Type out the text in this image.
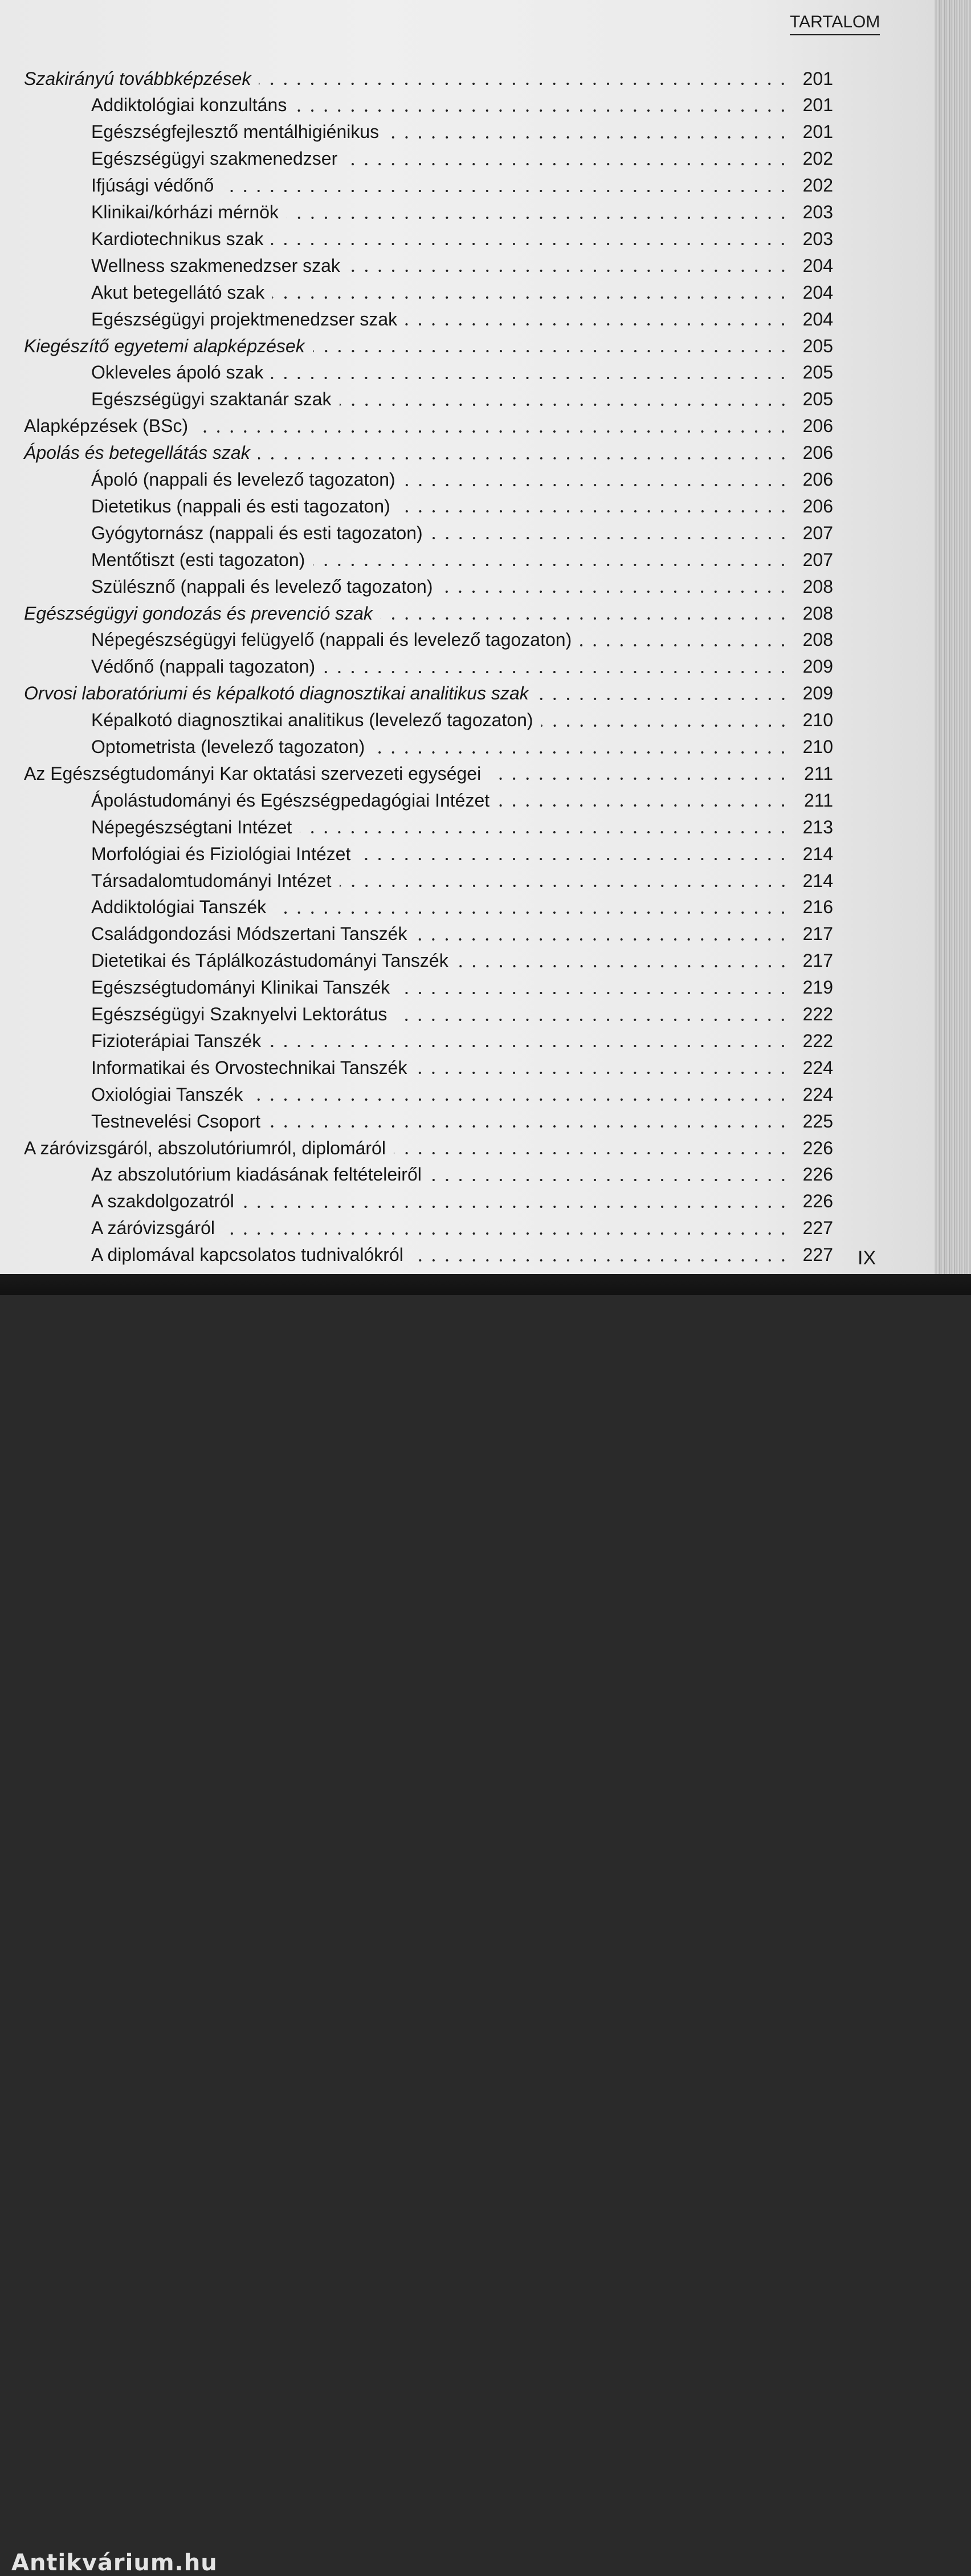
TARTALOM
Szakirányú továbbképzések	201
Addiktológiai konzultáns	201
Egészségfejlesztő mentálhigiénikus	201
Egészségügyi szakmenedzser	202
Ifjúsági védőnő	202
Klinikai/kórházi mérnök	203
Kardiotechnikus szak	203
Wellness szakmenedzser szak	204
Akut betegellátó szak	204
Egészségügyi projektmenedzser szak	204
Kiegészítő egyetemi alapképzések	205
Okleveles ápoló szak	205
Egészségügyi szaktanár szak	205
Alapképzések (BSc)	206
Ápolás és betegellátás szak	206
Ápoló (nappali és levelező tagozaton)	206
Dietetikus (nappali és esti tagozaton)	206
Gyógytornász (nappali és esti tagozaton)	207
Mentőtiszt (esti tagozaton)	207
Szülésznő (nappali és levelező tagozaton)	208
Egészségügyi gondozás és prevenció szak	208
Népegészségügyi felügyelő (nappali és levelező tagozaton)	208
Védőnő (nappali tagozaton)	209
Orvosi laboratóriumi és képalkotó diagnosztikai analitikus szak	209
Képalkotó diagnosztikai analitikus (levelező tagozaton)	210
Optometrista (levelező tagozaton)	210
Az Egészségtudományi Kar oktatási szervezeti egységei	211
Ápolástudományi és Egészségpedagógiai Intézet	211
Népegészségtani Intézet	213
Morfológiai és Fiziológiai Intézet	214
Társadalomtudományi Intézet	214
Addiktológiai Tanszék	216
Családgondozási Módszertani Tanszék	217
Dietetikai és Táplálkozástudományi Tanszék	217
Egészségtudományi Klinikai Tanszék	219
Egészségügyi Szaknyelvi Lektorátus	222
Fizioterápiai Tanszék	222
Informatikai és Orvostechnikai Tanszék	224
Oxiológiai Tanszék	224
Testnevelési Csoport	225
A záróvizsgáról, abszolutóriumról, diplomáról	226
Az abszolutórium kiadásának feltételeiről	226
A szakdolgozatról	226
A záróvizsgáról	227
A diplomával kapcsolatos tudnivalókról	227 IX
Antikvárium.hu
